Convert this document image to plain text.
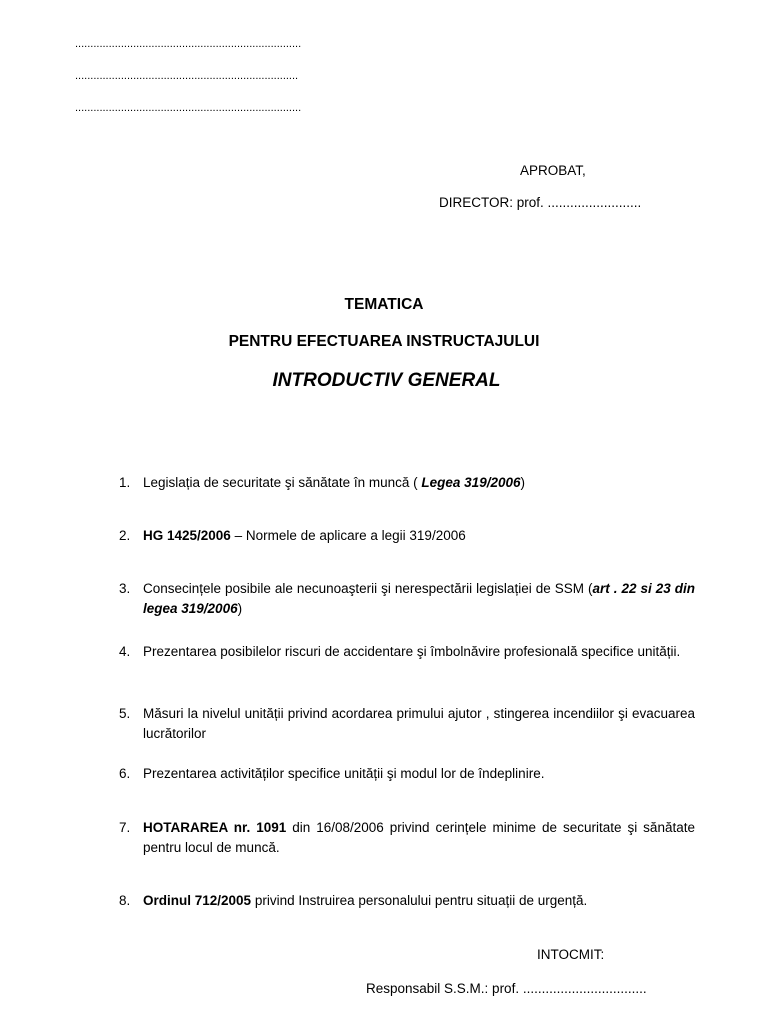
..........................................................................
.........................................................................
..........................................................................
APROBAT,
DIRECTOR: prof. .........................
TEMATICA
PENTRU EFECTUAREA INSTRUCTAJULUI
INTRODUCTIV GENERAL
1. Legislația de securitate şi sănătate în muncă ( Legea 319/2006)
2. HG 1425/2006 – Normele de aplicare a legii 319/2006
3. Consecințele posibile ale necunoaşterii şi nerespectării legislației de SSM (art . 22 si 23 din legea 319/2006)
4. Prezentarea posibilelor riscuri de accidentare şi îmbolnăvire profesională specifice unității.
5. Măsuri la nivelul unității privind acordarea primului ajutor , stingerea incendiilor şi evacuarea lucrătorilor
6. Prezentarea activităților specifice unității şi modul lor de îndeplinire.
7. HOTARAREA nr. 1091 din 16/08/2006 privind cerințele minime de securitate şi sănătate pentru locul de muncă.
8. Ordinul 712/2005 privind Instruirea personalului pentru situații de urgență.
INTOCMIT:
Responsabil S.S.M.: prof. .................................
